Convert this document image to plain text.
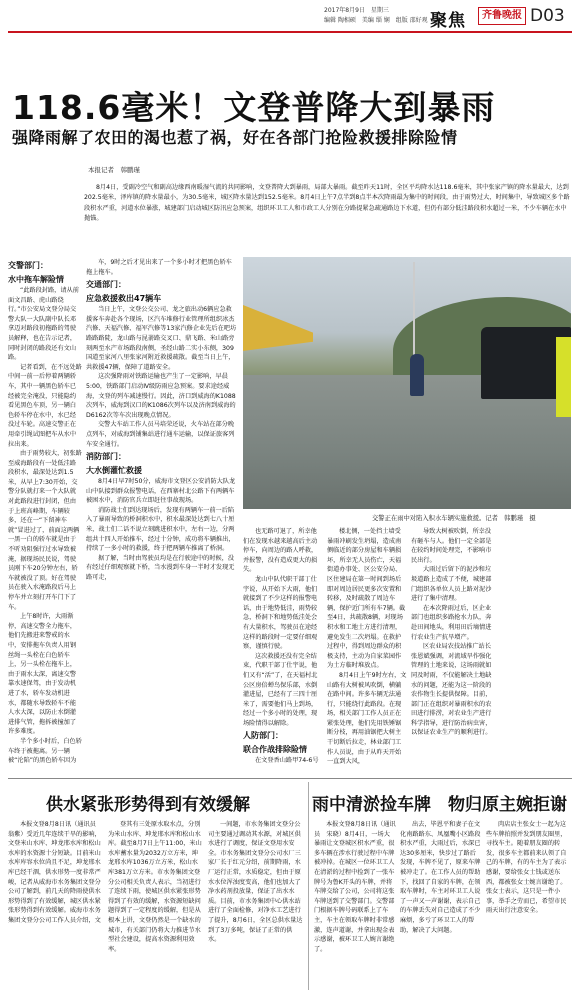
2017年8月9日　星期三
编辑 陶相硕　美编 缁 娴　组版 邵好观 聚焦	齐鲁晚报 D03
118.6毫米！文登普降大到暴雨
强降雨解了农田的渴也惹了祸，好在各部门抢险救援排除险情
本报记者　韩鹏瑾

8月4日，受副冷空气和副高边缘西南暖湿气流的共同影响，文登普降大到暴雨，局部大暴雨。截至昨天11时，全区平均降水达118.6毫米，其中张家产镇的降水量最大，达到202.5毫米，泽库镇的降水量最小，为30.5毫米，城区降水量达到152.5毫米。8月4日上午7点半到8点半本次降雨最为集中的时间段，由于雨势过大，时间集中，导致城区多个路段积水严重，河道水位暴涨，城建部门启动城区防汛应急预案，组织环卫工人和市政工人分别在分路提紧急疏通路边下水道，但仍有部分低洼路段积水超过一米，不少车辆在水中抛锚。

交警部门：
水中拖车解险情

“此路段封路，请从前面文昌路、虎山路绕行。”市公安局文登分局交警大队一大队副中队长邓拿迈对路段初拖路的驾驶员解释，也在告示记者，同时封闭的路段还有文山路。

记者看到，在不远处路中间一前一后停着两辆轿车，其中一辆黑色轿车已经被完全淹没，只能隐约看见黑色车顶，另一辆白色轿车停在水中，水已经没过车轮。高速交警正在用牵引绳试图把车从水中拉出来。

由于雨势较大，初张路至威海路段有一处低洼路段积水，最深处达到1.5米，从早上7:30开始，交警分队就打来一个大队就对此路段进行封闭，但由于上班高峰期，车辆较多，还在一“下留神车就”冒进过了，前面这两辆一黑一白的轿车就是由于不听劝阻强行过水导致被淹，据现场民民说，驾驶员刚下车20分钟左右，轿车就被没了顶。好在驾驶员在驶入水淹路段后马上停车并立刻打开车门下了车。

上午8时许，大雨渐停，高速交警全力拖车，他们先搬进来警戒的水中，安排拖车负责人用钢丝绳一头栓在白色轿车上，另一头栓在拖车上，由于雨水太深，离速交警靠水速保驾，由于发动机进了水，轿车发动机进水，都随水导致轿车不能人水大深，以防止水倒灌进排气管，拖拆被撞加了许多难度。

半个多小时后，白色轿车终于被拖离。另一辆被“沦陷”的黑色轿车因为

车，9时之后才见出来了一个多小时才把黑色轿车拖上拖车。

交通部门：
应急救援救出47辆车

当日上午，文登公交公司、龙之旅出动6辆应急救援客车奔赴各个现场，区汽车堆修行业管理所组织冰杰汽修、天福汽修、福军汽修等13家汽修企业先后在吧坊路路路陡，龙山路与昆嵛路交叉口、鼎飞路、米山路旁刻两至水产市场路段南侧，圣经山路二实小东侧，309国道至家河八里张家河附近救援疏散。截至当日上午，共救援47辆，保障了道路安全。

这次强降雨对铁路运输也产生了一定影响，早晨5:00，铁路部门启动Ⅳ级防雨应急预案。要求途经威海，文登的列车减速慢行。因此，济口到威海的K1088次列车，威海到汉口的K1086次列车以及济南到威海的D6162次等车次出现晚点情况。

交警大车站工作人员马培荣还说，火车站在部分晚点列车，对威海到铺集站进行通车运输，以保证旅客列车安全通行。

消防部门：
大水倒灌忙救援

8月4日早7时50分，威海市文登区公安消防大队龙山中队接到群众报警电话，在西寨村北公路下有两辆车被困水中，消防官兵立即赶往事故现场。

消防战士们到达现场后，发现有两辆车一前一后陷入了暴雨导致的桥洞积水中，积水最深处达到七八十厘米，战士们二话不说立刻跳进积水中，左右一边，分两组共十四人开始推车，经过十分钟，成功将车辆推出，持续了一多小时的救援，终于把两辆车推离了桥洞。

据了解，当时由驾驶员均是在行驶途中的时候，没有经过仔细观察就下桥，当水漫到车身一半时才发现无路可走，

交警正在雨中对陷入积水车辆实施救援。记者　韩鹏瑾　摄

也无路可退了，所幸他们在发现水越来越高后主动停车，向周边的路人呼救，并报警，没有造成更大的损失。

龙山中队代职干部丁仕宇说，从开始下大雨，他们就接到了不少这样的报警电话，由于地势低洼，雨势较急，桥洞下和地势低洼处会有大量积水，驾驶员在途经这样的路段时一定要仔细观察，谨慎行驶。

这次救援还没有完全结束，代职干部丁仕宇说，他们又有“活”了，在天福村北公区房倍蝉鸟保乐部，水倒灌进屋，已经有了三四十厘米了，需要他们马上到场，经过一个多小时的处理，现场险情得以解除。

人防部门：
联合作战排除险情

在文登香山路甲74-6号

楼北侧，一处挡土墙受暴雨冲刷发生坍塌，造成南侧临近的部分房屋和车辆损坏，所幸无人员伤亡，天福街道办事处、区公安分局、区住建局在第一时间到场后即对周边居民更多次安置和转移，及时疏散了周边车辆，保护近门所有车7辆。截至4日，共疏散8辆，对现场积水和工地土方进行清理，避免发生二次坍塌。在救护过程中，得到周边群众的积极支持，主动为自家菜园作为土方临时堆放点。

8月4日上午9时左右，文山路有大树被风吹倒，横躺在路中间。许多车辆无法通行，只能绕行此路段。在现场，相关部门工作人员正在紧张处理，他们先用铁锤锯断分枝，再用油锯把大树主干切断后拉走，林业部门工作人员说，由于从昨天开始一直到大风，

导致大树被吹倒，所幸没有砸车与人。他们一定全部是在较约时间处理完，不影响市民出行。

大雨过后留下的泥沙和垃圾道路上造成了不便，城建部门组织各单位人员上路对泥沙进行了集中清理。

在本次降雨过后，区企业部门也组织多路抢水力队，奔赴田间地头，利用田后墒情进行农业生产抗旱增产。

区农业局农技站推广站长张恩斌强调，对流域旱作强化管理的土地来说，这场雨就如同及时雨，不仅能解决土地缺水的问题，还能为这一阶段的农作物生长提供保障。目前，部门正在组织对暴雨积水的农田进行排涝，对农业生产进行科学指导，进行防治病虫害，以保证农业生产的顺利进行。

供水紧张形势得到有效缓解

本报文登8月8日讯（通讯员　翁紫）受近几年连续干旱的影响，文登米山水库、坤龙邢水库和松山水库的水资源十分短缺。目前米山水库库容水位尚且不足，坤龙邢水库已经干涸，供水形势一度非常严峻，记者从威海市水务集团文登分公司了解到，前几天的降雨使供水形势得到了有效缓解，城区供水紧张形势得到有效缓解。威海市水务集团文登分公司工作人员介绍，文

登其有三处原水取水点，分别为米山水库、坤龙邢水库和松山水库。截至8月7日上午11:00，米山水库蓄水量为2032万立方米，坤龙邢水库1036万立方米，松山水库381万立方米。市水务集团文登分公司相关负责人表示，当初进行了连续下雨，使城区供水紧张形势得到了有效的缓解，水资源短缺问题得到了一定程度的缓解，但是从根本上讲，文登仍然是一个缺水的城市，有关部门仍将大力推进节水型社会建设，提高水资源利用效率。

一间题，市水务集团文登分公司主要通过调动其水源，对城区供水进行了调度，保证文登用水安全。市水务集团文登分公司水厂三家厂长于红元分绍，前期降雨，水厂运行正常，水质稳定，但由于原水水位浑浊度变高，他们也加大了净水药剂投放量，保证了出水水质。目前，市水务集团中心供水站进行了全面检修，对净水工艺进行了提升，8月6日，全区总供水量达到了3万多吨，保证了正常的供水。

雨中清淤捡车牌　物归原主婉拒谢

本报文登8月8日讯（通讯员　宋晓）8月4日，一场大暴雨让文登城区积水严重，很多车辆在涉水行驶过程中车牌被冲掉。在城区一位环卫工人在清淤的过程中捡到了一张车牌号为鲁K开头的车牌，并将车牌交给了公司，公司将这张车牌送到了交警部门。交警部门根据车牌号码联系上了车主，车主在领取车牌时非常感激，连声道谢，并拿出现金表示感谢，被环卫工人婉言谢绝了。

出去，毕恩平和妻子在文化南路路东、凤凰嘴小区路段积水严重，大雨过后，水深已达30多厘米，快步过了路后发现，车牌不见了，原来车牌被冲走了。在工作人员的帮助下，找回了自家的车牌，在领取车牌时，车主对环卫工人说了一声又一声谢谢，表示自己的车牌丢失对自己造成了不少麻烦，多亏了环卫工人的帮助，解决了大问题。

肉店店主张女士一起为这些车牌拍照并发到朋友圈里，寻找车主。随着朋友圈的转发，很多车主都前来认领了自己的车牌，有的车主为了表示感谢，要给张女士钱或送东西，都被张女士婉言谢绝了。张女士表示，这只是一件小事，举手之劳而已，希望市民雨天出行注意安全。
